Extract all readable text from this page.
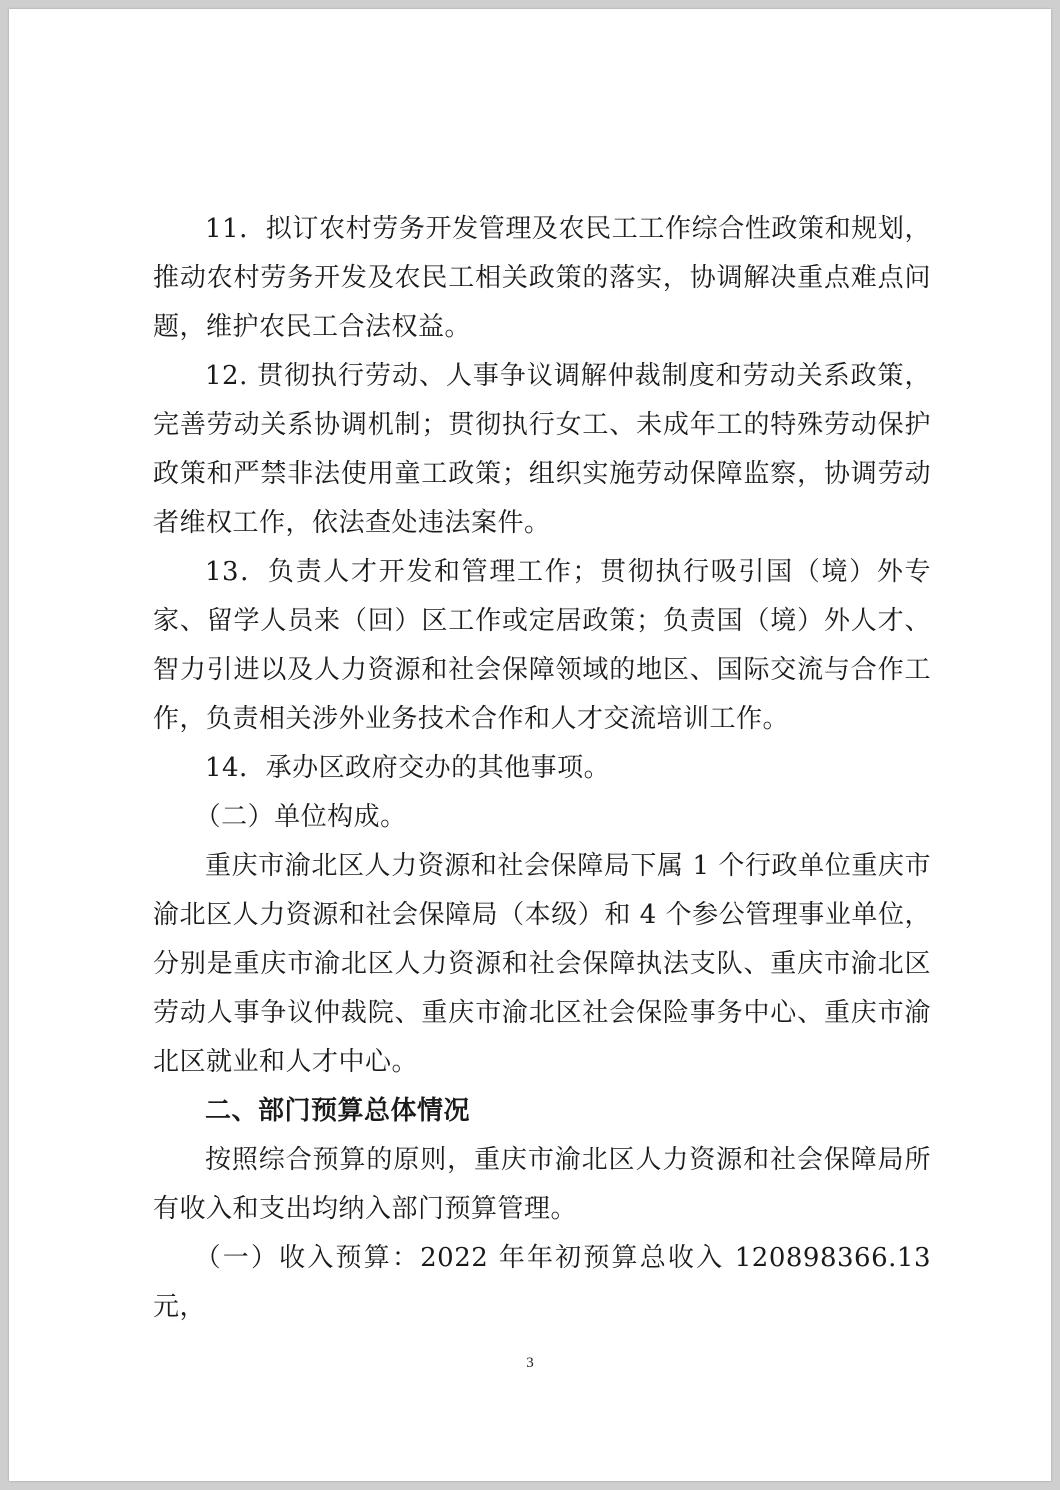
11．拟订农村劳务开发管理及农民工工作综合性政策和规划，推动农村劳务开发及农民工相关政策的落实，协调解决重点难点问题，维护农民工合法权益。

12. 贯彻执行劳动、人事争议调解仲裁制度和劳动关系政策，完善劳动关系协调机制；贯彻执行女工、未成年工的特殊劳动保护政策和严禁非法使用童工政策；组织实施劳动保障监察，协调劳动者维权工作，依法查处违法案件。

13．负责人才开发和管理工作；贯彻执行吸引国（境）外专家、留学人员来（回）区工作或定居政策；负责国（境）外人才、智力引进以及人力资源和社会保障领域的地区、国际交流与合作工作，负责相关涉外业务技术合作和人才交流培训工作。

14．承办区政府交办的其他事项。

（二）单位构成。

重庆市渝北区人力资源和社会保障局下属 1 个行政单位重庆市渝北区人力资源和社会保障局（本级）和 4 个参公管理事业单位，分别是重庆市渝北区人力资源和社会保障执法支队、重庆市渝北区劳动人事争议仲裁院、重庆市渝北区社会保险事务中心、重庆市渝北区就业和人才中心。

二、部门预算总体情况

按照综合预算的原则，重庆市渝北区人力资源和社会保障局所有收入和支出均纳入部门预算管理。

（一）收入预算：2022 年年初预算总收入 120898366.13 元，

3
